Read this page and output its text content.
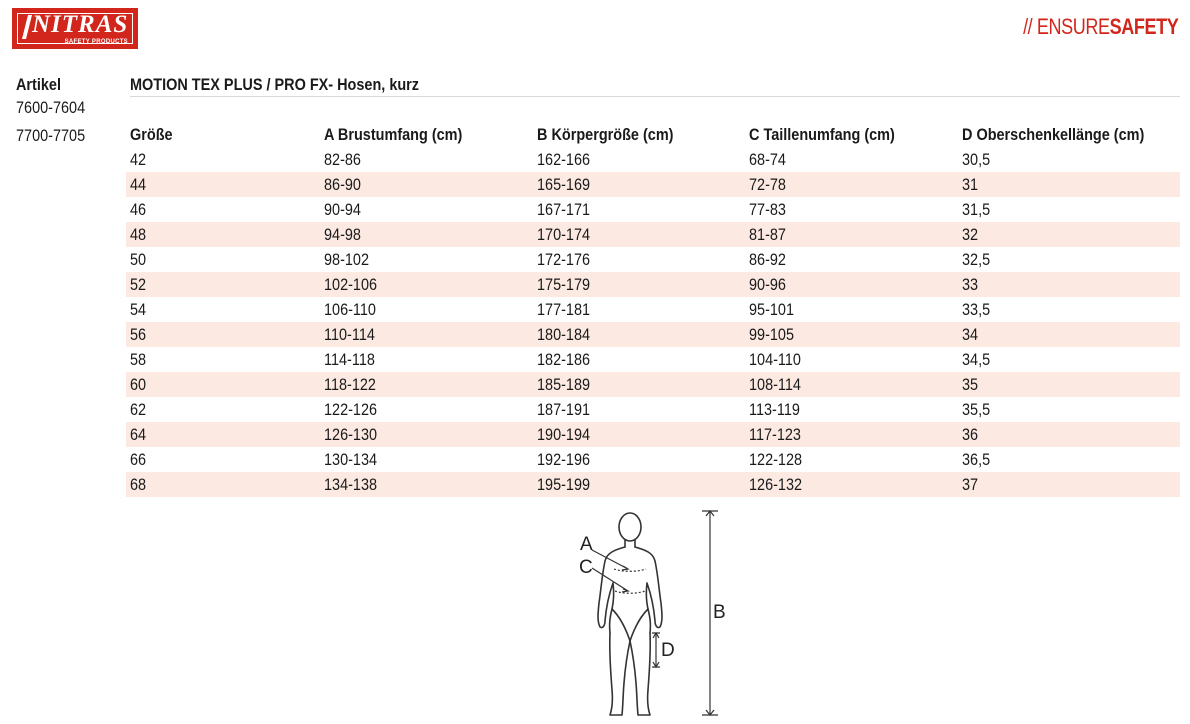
NITRAS
SAFETY PRODUCTS
// ENSURESAFETY
Artikel
7600-7604
7700-7705
MOTION TEX PLUS / PRO FX- Hosen, kurz
Größe	A Brustumfang (cm)	B Körpergröße (cm)	C Taillenumfang (cm)	D Oberschenkellänge (cm)
42	82-86	162-166	68-74	30,5
44	86-90	165-169	72-78	31
46	90-94	167-171	77-83	31,5
48	94-98	170-174	81-87	32
50	98-102	172-176	86-92	32,5
52	102-106	175-179	90-96	33
54	106-110	177-181	95-101	33,5
56	110-114	180-184	99-105	34
58	114-118	182-186	104-110	34,5
60	118-122	185-189	108-114	35
62	122-126	187-191	113-119	35,5
64	126-130	190-194	117-123	36
66	130-134	192-196	122-128	36,5
68	134-138	195-199	126-132	37
A
C
B
D
